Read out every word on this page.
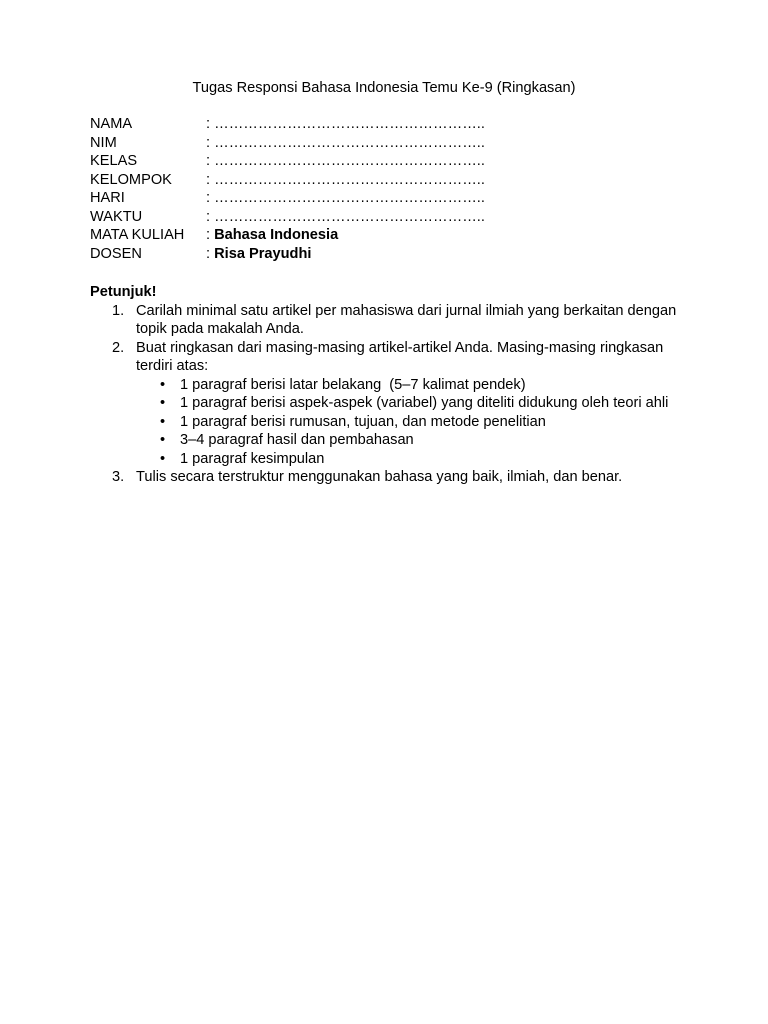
Tugas Responsi Bahasa Indonesia Temu Ke-9 (Ringkasan)
NAMA	: ………………………………………………..
NIM	: ………………………………………………..
KELAS	: ………………………………………………..
KELOMPOK	: ………………………………………………..
HARI	: ………………………………………………..
WAKTU	: ………………………………………………..
MATA KULIAH	: Bahasa Indonesia
DOSEN	: Risa Prayudhi
Petunjuk!
1. Carilah minimal satu artikel per mahasiswa dari jurnal ilmiah yang berkaitan dengan topik pada makalah Anda.
2. Buat ringkasan dari masing-masing artikel-artikel Anda. Masing-masing ringkasan  terdiri atas:
• 1 paragraf berisi latar belakang  (5–7 kalimat pendek)
• 1 paragraf berisi aspek-aspek (variabel) yang diteliti didukung oleh teori ahli
• 1 paragraf berisi rumusan, tujuan, dan metode penelitian
• 3–4 paragraf hasil dan pembahasan
• 1 paragraf kesimpulan
3. Tulis secara terstruktur menggunakan bahasa yang baik, ilmiah, dan benar.
